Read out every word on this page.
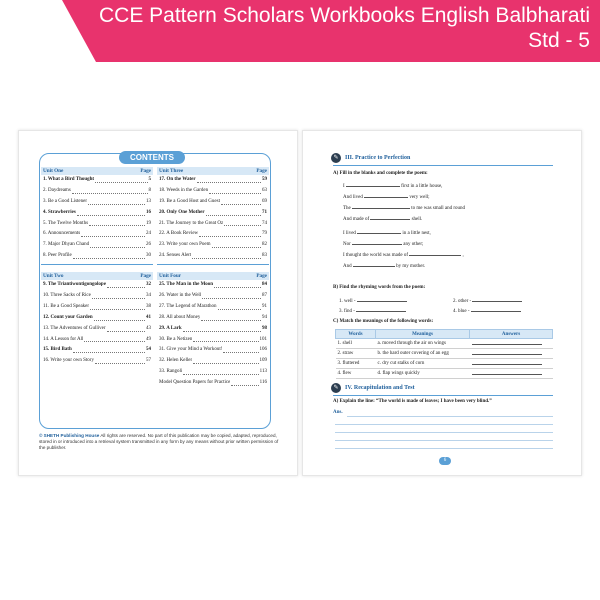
CCE Pattern Scholars Workbooks English Balbharati
Std - 5
CONTENTS
Unit One	Page
1. What a Bird Thought	5
2. Daydreams	8
3. Be a Good Listener	13
4. Strawberries	16
5. The Twelve Months	19
6. Announcements	24
7. Major Dhyan Chand	26
8. Peer Profile	30
Unit Two	Page
9. The Triantiwontigongolope	32
10. Three Sacks of Rice	34
11. Be a Good Speaker	38
12. Count your Garden	41
13. The Adventures of Gulliver	43
14. A Lesson for All	49
15. Bird Bath	54
16. Write your own Story	57
Unit Three	Page
17. On the Water	59
18. Weeds in the Garden	63
19. Be a Good Host and Guest	69
20. Only One Mother	71
21. The Journey to the Great Oz	74
22. A Book Review	79
23. Write your own Poem	82
24. Senses Alert	83
Unit Four	Page
25. The Man in the Moon	84
26. Water in the Well	87
27. The Legend of Marathon	91
28. All about Money	94
29. A Lark	98
30. Be a Netizen	101
31. Give your Mind a Workout!	106
32. Helen Keller	109
33. Rangoli	113
Model Question Papers for Practice	116
© SHETH Publishing House All rights are reserved. No part of this publication may be copied, adapted, reproduced, stored in or introduced into a retrieval system transmitted in any form by any means without prior written permission of the publisher.
✎	III. Practice to Perfection
A) Fill in the blanks and complete the poem:
I	first in a little house,
And lived	very well;
The	to me was small and round
And made of	shell.
I lived	in a little nest,
Nor	any other;
I thought the world was made of	,
And	by my mother.
B) Find the rhyming words from the poem:
1. well -	2. other -
3. find -	4. blue -
C) Match the meanings of the following words:
Words	Meanings	Answers
1. shell	a. moved through the air on wings	
2. straw	b. the hard outer covering of an egg	
3. fluttered	c. dry cut stalks of corn	
4. flew	d. flap wings quickly	
✎	IV. Recapitulation and Test
A) Explain the line: “The world is made of leaves; I have been very blind.”
Ans.
6
